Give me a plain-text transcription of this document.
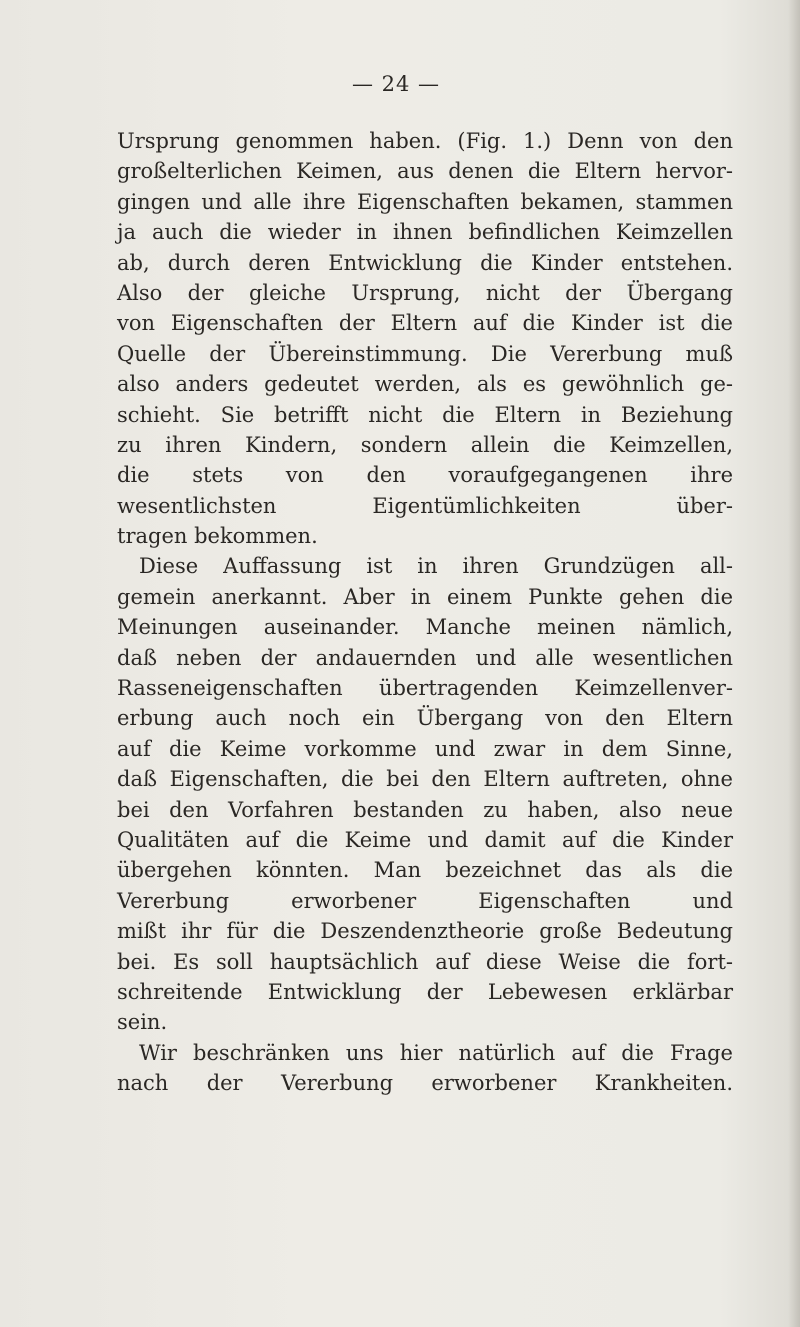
— 24 —
Ursprung genommen haben. (Fig. 1.) Denn von den
großelterlichen Keimen, aus denen die Eltern hervor-
gingen und alle ihre Eigenschaften bekamen, stammen
ja auch die wieder in ihnen befindlichen Keimzellen
ab, durch deren Entwicklung die Kinder entstehen.
Also der gleiche Ursprung, nicht der Übergang
von Eigenschaften der Eltern auf die Kinder ist die
Quelle der Übereinstimmung. Die Vererbung muß
also anders gedeutet werden, als es gewöhnlich ge-
schieht. Sie betrifft nicht die Eltern in Beziehung
zu ihren Kindern, sondern allein die Keimzellen,
die stets von den voraufgegangenen ihre
wesentlichsten Eigentümlichkeiten über-
tragen bekommen.
Diese Auffassung ist in ihren Grundzügen all-
gemein anerkannt. Aber in einem Punkte gehen die
Meinungen auseinander. Manche meinen nämlich,
daß neben der andauernden und alle wesentlichen
Rasseneigenschaften übertragenden Keimzellenver-
erbung auch noch ein Übergang von den Eltern
auf die Keime vorkomme und zwar in dem Sinne,
daß Eigenschaften, die bei den Eltern auftreten, ohne
bei den Vorfahren bestanden zu haben, also neue
Qualitäten auf die Keime und damit auf die Kinder
übergehen könnten. Man bezeichnet das als die
Vererbung erworbener Eigenschaften und
mißt ihr für die Deszendenztheorie große Bedeutung
bei. Es soll hauptsächlich auf diese Weise die fort-
schreitende Entwicklung der Lebewesen erklärbar
sein.
Wir beschränken uns hier natürlich auf die Frage
nach der Vererbung erworbener Krankheiten.
